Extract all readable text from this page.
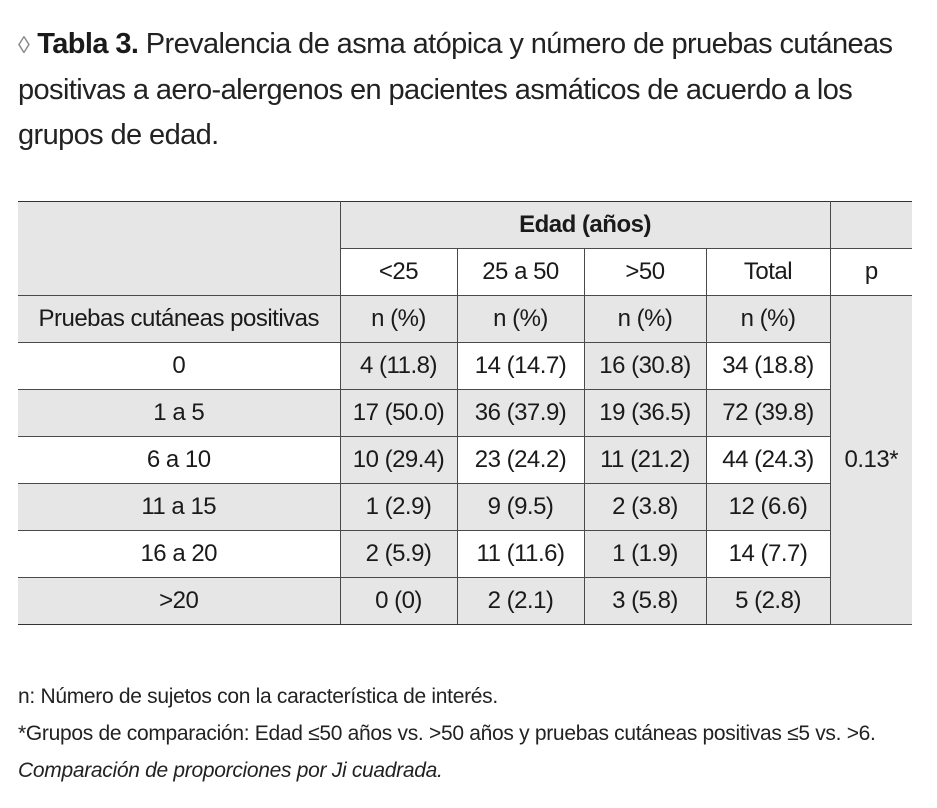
◊ Tabla 3. Prevalencia de asma atópica y número de pruebas cutáneas positivas a aero-alergenos en pacientes asmáticos de acuerdo a los grupos de edad.
	Edad (años)				
	<25	25 a 50	>50	Total	p
Pruebas cutáneas positivas	n (%)	n (%)	n (%)	n (%)	0.13*
0	4 (11.8)	14 (14.7)	16 (30.8)	34 (18.8)	
1 a 5	17 (50.0)	36 (37.9)	19 (36.5)	72 (39.8)	
6 a 10	10 (29.4)	23 (24.2)	11 (21.2)	44 (24.3)	
11 a 15	1 (2.9)	9 (9.5)	2 (3.8)	12 (6.6)	
16 a 20	2 (5.9)	11 (11.6)	1 (1.9)	14 (7.7)	
>20	0 (0)	2 (2.1)	3 (5.8)	5 (2.8)	
n: Número de sujetos con la característica de interés.
*Grupos de comparación: Edad ≤50 años vs. >50 años y pruebas cutáneas positivas ≤5 vs. >6.
Comparación de proporciones por Ji cuadrada.
